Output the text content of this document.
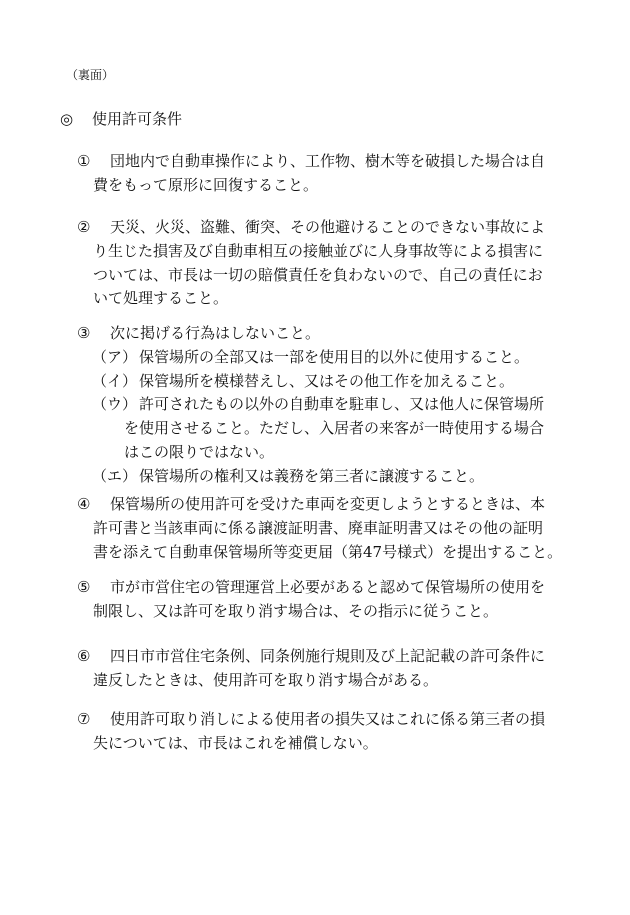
（裏面）
◎ 使用許可条件
① 団地内で自動車操作により、工作物、樹木等を破損した場合は自
費をもって原形に回復すること。
② 天災、火災、盗難、衝突、その他避けることのできない事故によ
り生じた損害及び自動車相互の接触並びに人身事故等による損害に
ついては、市長は一切の賠償責任を負わないので、自己の責任にお
いて処理すること。
③ 次に掲げる行為はしないこと。
（ア） 保管場所の全部又は一部を使用目的以外に使用すること。
（イ） 保管場所を模様替えし、又はその他工作を加えること。
（ウ） 許可されたもの以外の自動車を駐車し、又は他人に保管場所
を使用させること。ただし、入居者の来客が一時使用する場合
はこの限りではない。
（エ） 保管場所の権利又は義務を第三者に譲渡すること。
④ 保管場所の使用許可を受けた車両を変更しようとするときは、本
許可書と当該車両に係る譲渡証明書、廃車証明書又はその他の証明
書を添えて自動車保管場所等変更届（第47号様式）を提出すること。
⑤ 市が市営住宅の管理運営上必要があると認めて保管場所の使用を
制限し、又は許可を取り消す場合は、その指示に従うこと。
⑥ 四日市市営住宅条例、同条例施行規則及び上記記載の許可条件に
違反したときは、使用許可を取り消す場合がある。
⑦ 使用許可取り消しによる使用者の損失又はこれに係る第三者の損
失については、市長はこれを補償しない。
